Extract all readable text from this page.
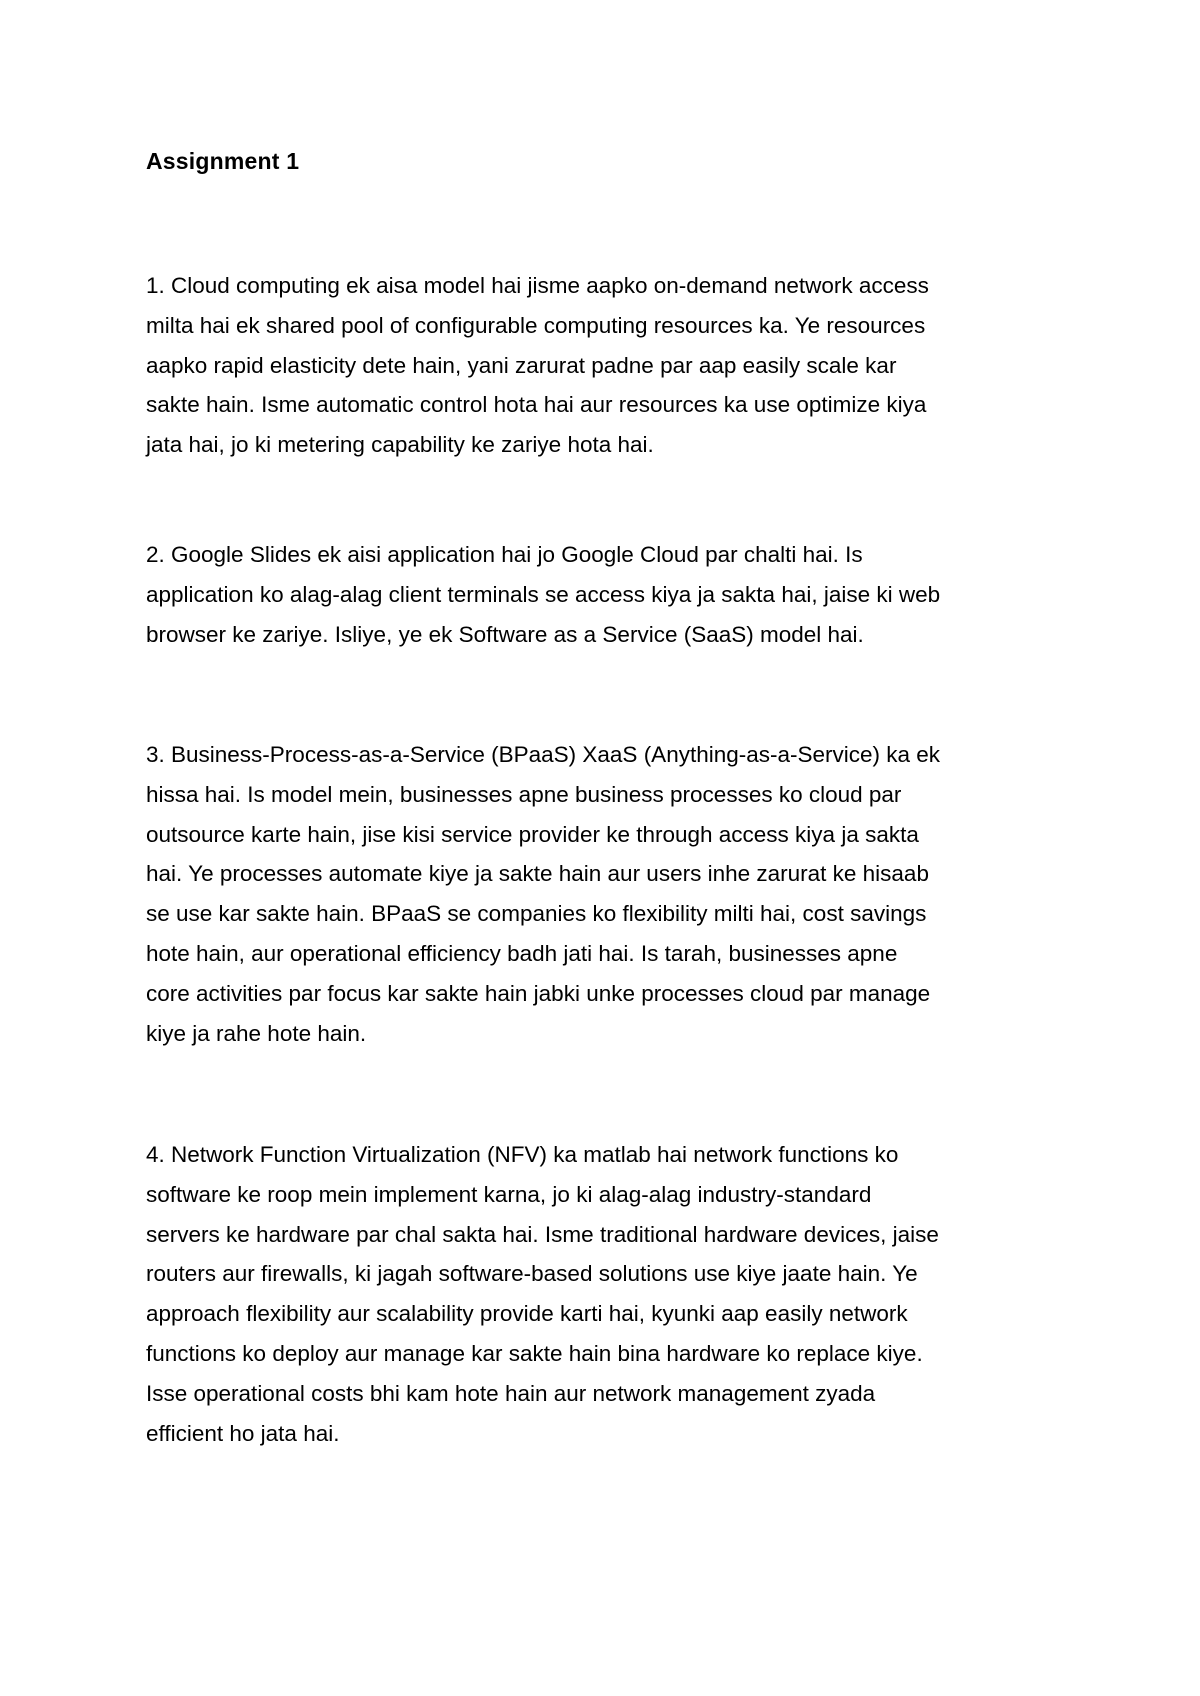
Assignment 1
1. Cloud computing ek aisa model hai jisme aapko on-demand network access
milta hai ek shared pool of configurable computing resources ka. Ye resources
aapko rapid elasticity dete hain, yani zarurat padne par aap easily scale kar
sakte hain. Isme automatic control hota hai aur resources ka use optimize kiya
jata hai, jo ki metering capability ke zariye hota hai.
2. Google Slides ek aisi application hai jo Google Cloud par chalti hai. Is
application ko alag-alag client terminals se access kiya ja sakta hai, jaise ki web
browser ke zariye. Isliye, ye ek Software as a Service (SaaS) model hai.
3. Business-Process-as-a-Service (BPaaS) XaaS (Anything-as-a-Service) ka ek
hissa hai. Is model mein, businesses apne business processes ko cloud par
outsource karte hain, jise kisi service provider ke through access kiya ja sakta
hai. Ye processes automate kiye ja sakte hain aur users inhe zarurat ke hisaab
se use kar sakte hain. BPaaS se companies ko flexibility milti hai, cost savings
hote hain, aur operational efficiency badh jati hai. Is tarah, businesses apne
core activities par focus kar sakte hain jabki unke processes cloud par manage
kiye ja rahe hote hain.
4. Network Function Virtualization (NFV) ka matlab hai network functions ko
software ke roop mein implement karna, jo ki alag-alag industry-standard
servers ke hardware par chal sakta hai. Isme traditional hardware devices, jaise
routers aur firewalls, ki jagah software-based solutions use kiye jaate hain. Ye
approach flexibility aur scalability provide karti hai, kyunki aap easily network
functions ko deploy aur manage kar sakte hain bina hardware ko replace kiye.
Isse operational costs bhi kam hote hain aur network management zyada
efficient ho jata hai.
